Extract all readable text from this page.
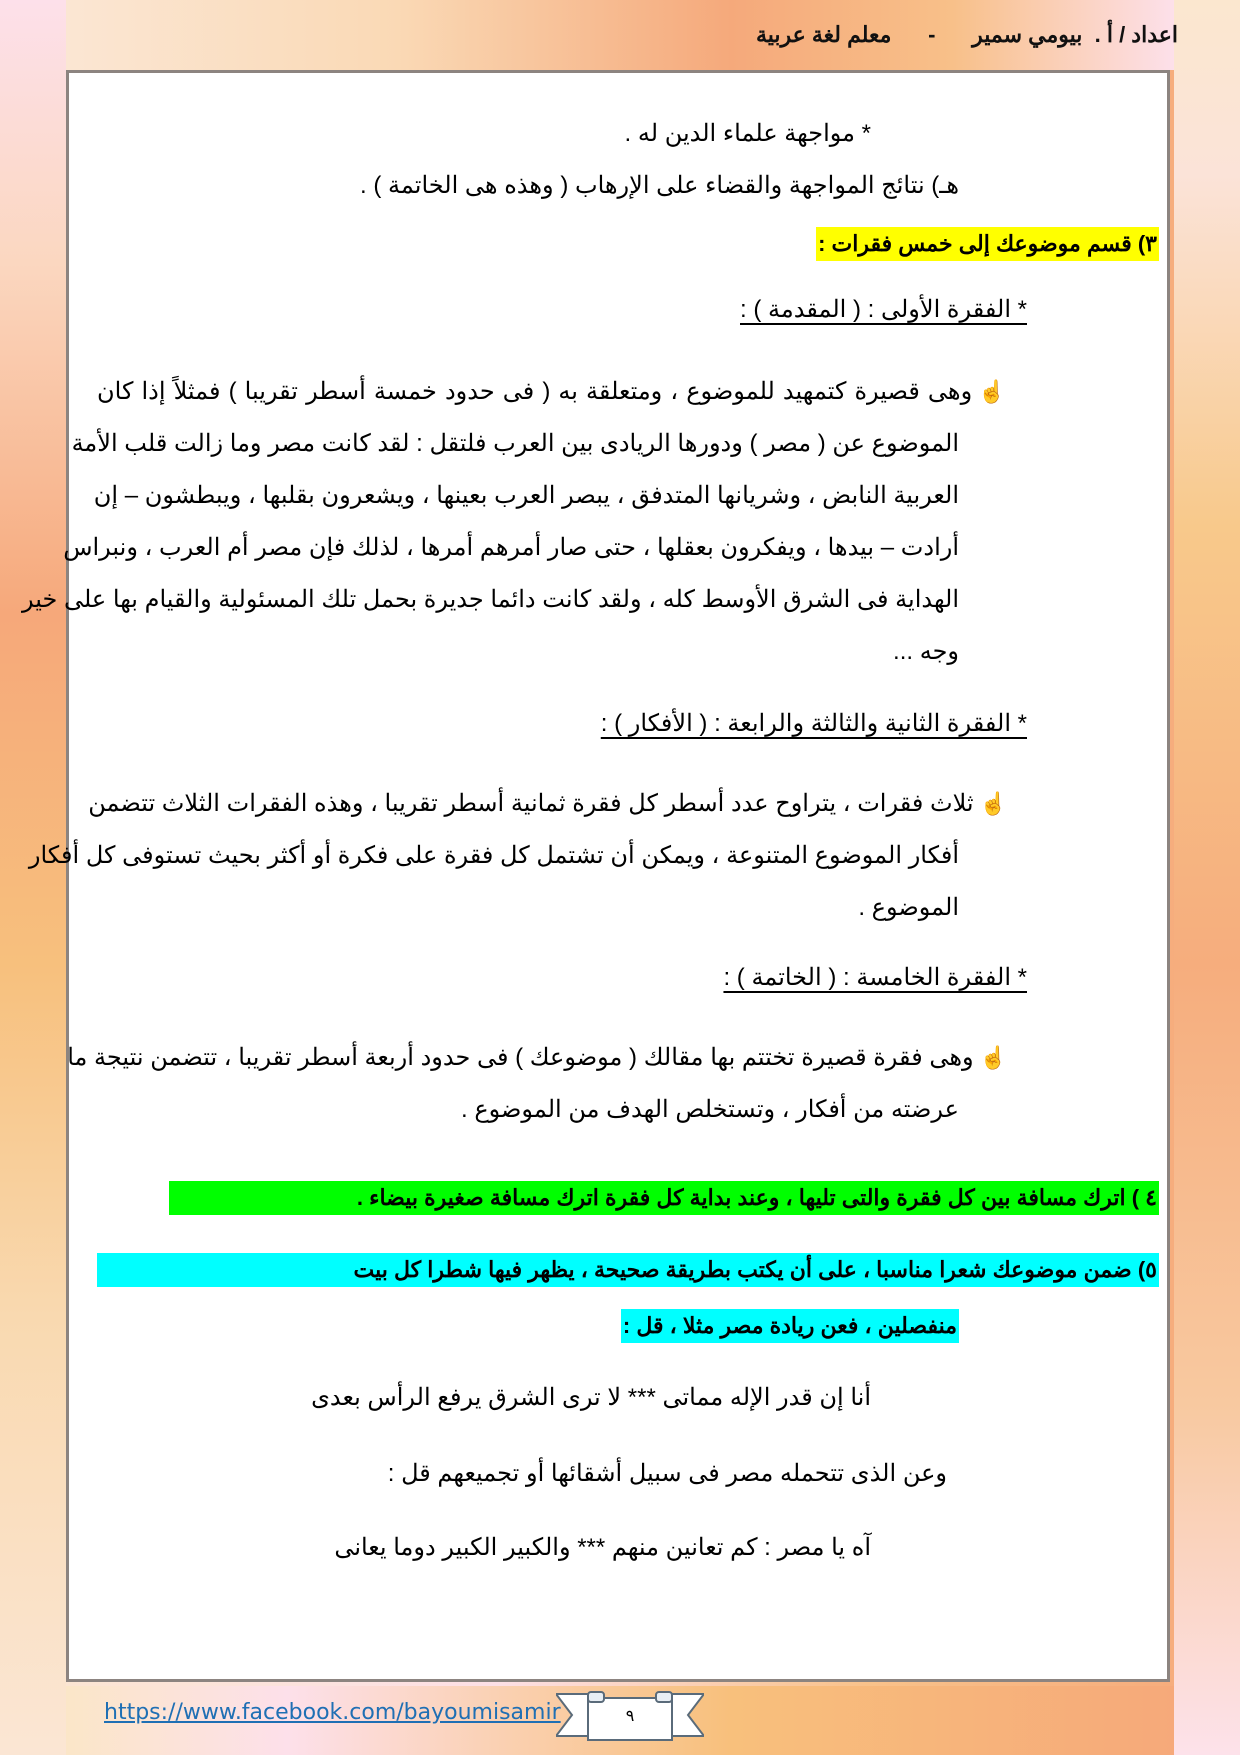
اعداد / أ .  بيومي سمير      -      معلم لغة عربية
* مواجهة علماء الدين له .
هـ) نتائج المواجهة والقضاء على الإرهاب ( وهذه هى الخاتمة ) .
٣) قسم موضوعك إلى خمس فقرات :
* الفقرة الأولى : ( المقدمة ) :
☝وهى قصيرة كتمهيد للموضوع ، ومتعلقة به ( فى حدود خمسة أسطر تقريبا ) فمثلاً إذا كان
الموضوع عن ( مصر ) ودورها الريادى بين العرب فلتقل : لقد كانت مصر وما زالت قلب الأمة
العربية النابض ، وشريانها المتدفق ، يبصر العرب بعينها ، ويشعرون بقلبها ، ويبطشون – إن
أرادت – بيدها ، ويفكرون بعقلها ، حتى صار أمرهم أمرها ، لذلك فإن مصر أم العرب ، ونبراس
الهداية فى الشرق الأوسط كله ، ولقد كانت دائما جديرة بحمل تلك المسئولية والقيام بها على خير
وجه ...
* الفقرة الثانية والثالثة والرابعة : ( الأفكار ) :
☝ثلاث فقرات ، يتراوح عدد أسطر كل فقرة ثمانية أسطر تقريبا ، وهذه الفقرات الثلاث تتضمن
أفكار الموضوع المتنوعة ، ويمكن أن تشتمل كل فقرة على فكرة أو أكثر بحيث تستوفى كل أفكار
الموضوع .
* الفقرة الخامسة : ( الخاتمة ) :
☝وهى فقرة قصيرة تختتم بها مقالك ( موضوعك ) فى حدود أربعة أسطر تقريبا ، تتضمن نتيجة ما
عرضته من أفكار ، وتستخلص الهدف من الموضوع .
٤ ) اترك مسافة بين كل فقرة والتى تليها ، وعند بداية كل فقرة اترك مسافة صغيرة بيضاء .
٥) ضمن موضوعك شعرا مناسبا ، على أن يكتب بطريقة صحيحة ، يظهر فيها شطرا كل بيت
منفصلين ، فعن ريادة مصر مثلا ، قل :
أنا إن قدر الإله مماتى *** لا ترى الشرق يرفع الرأس بعدى
وعن الذى تتحمله مصر فى سبيل أشقائها أو تجميعهم قل :
آه يا مصر : كم تعانين منهم *** والكبير الكبير دوما يعانى
https://www.facebook.com/bayoumisamir	٩
